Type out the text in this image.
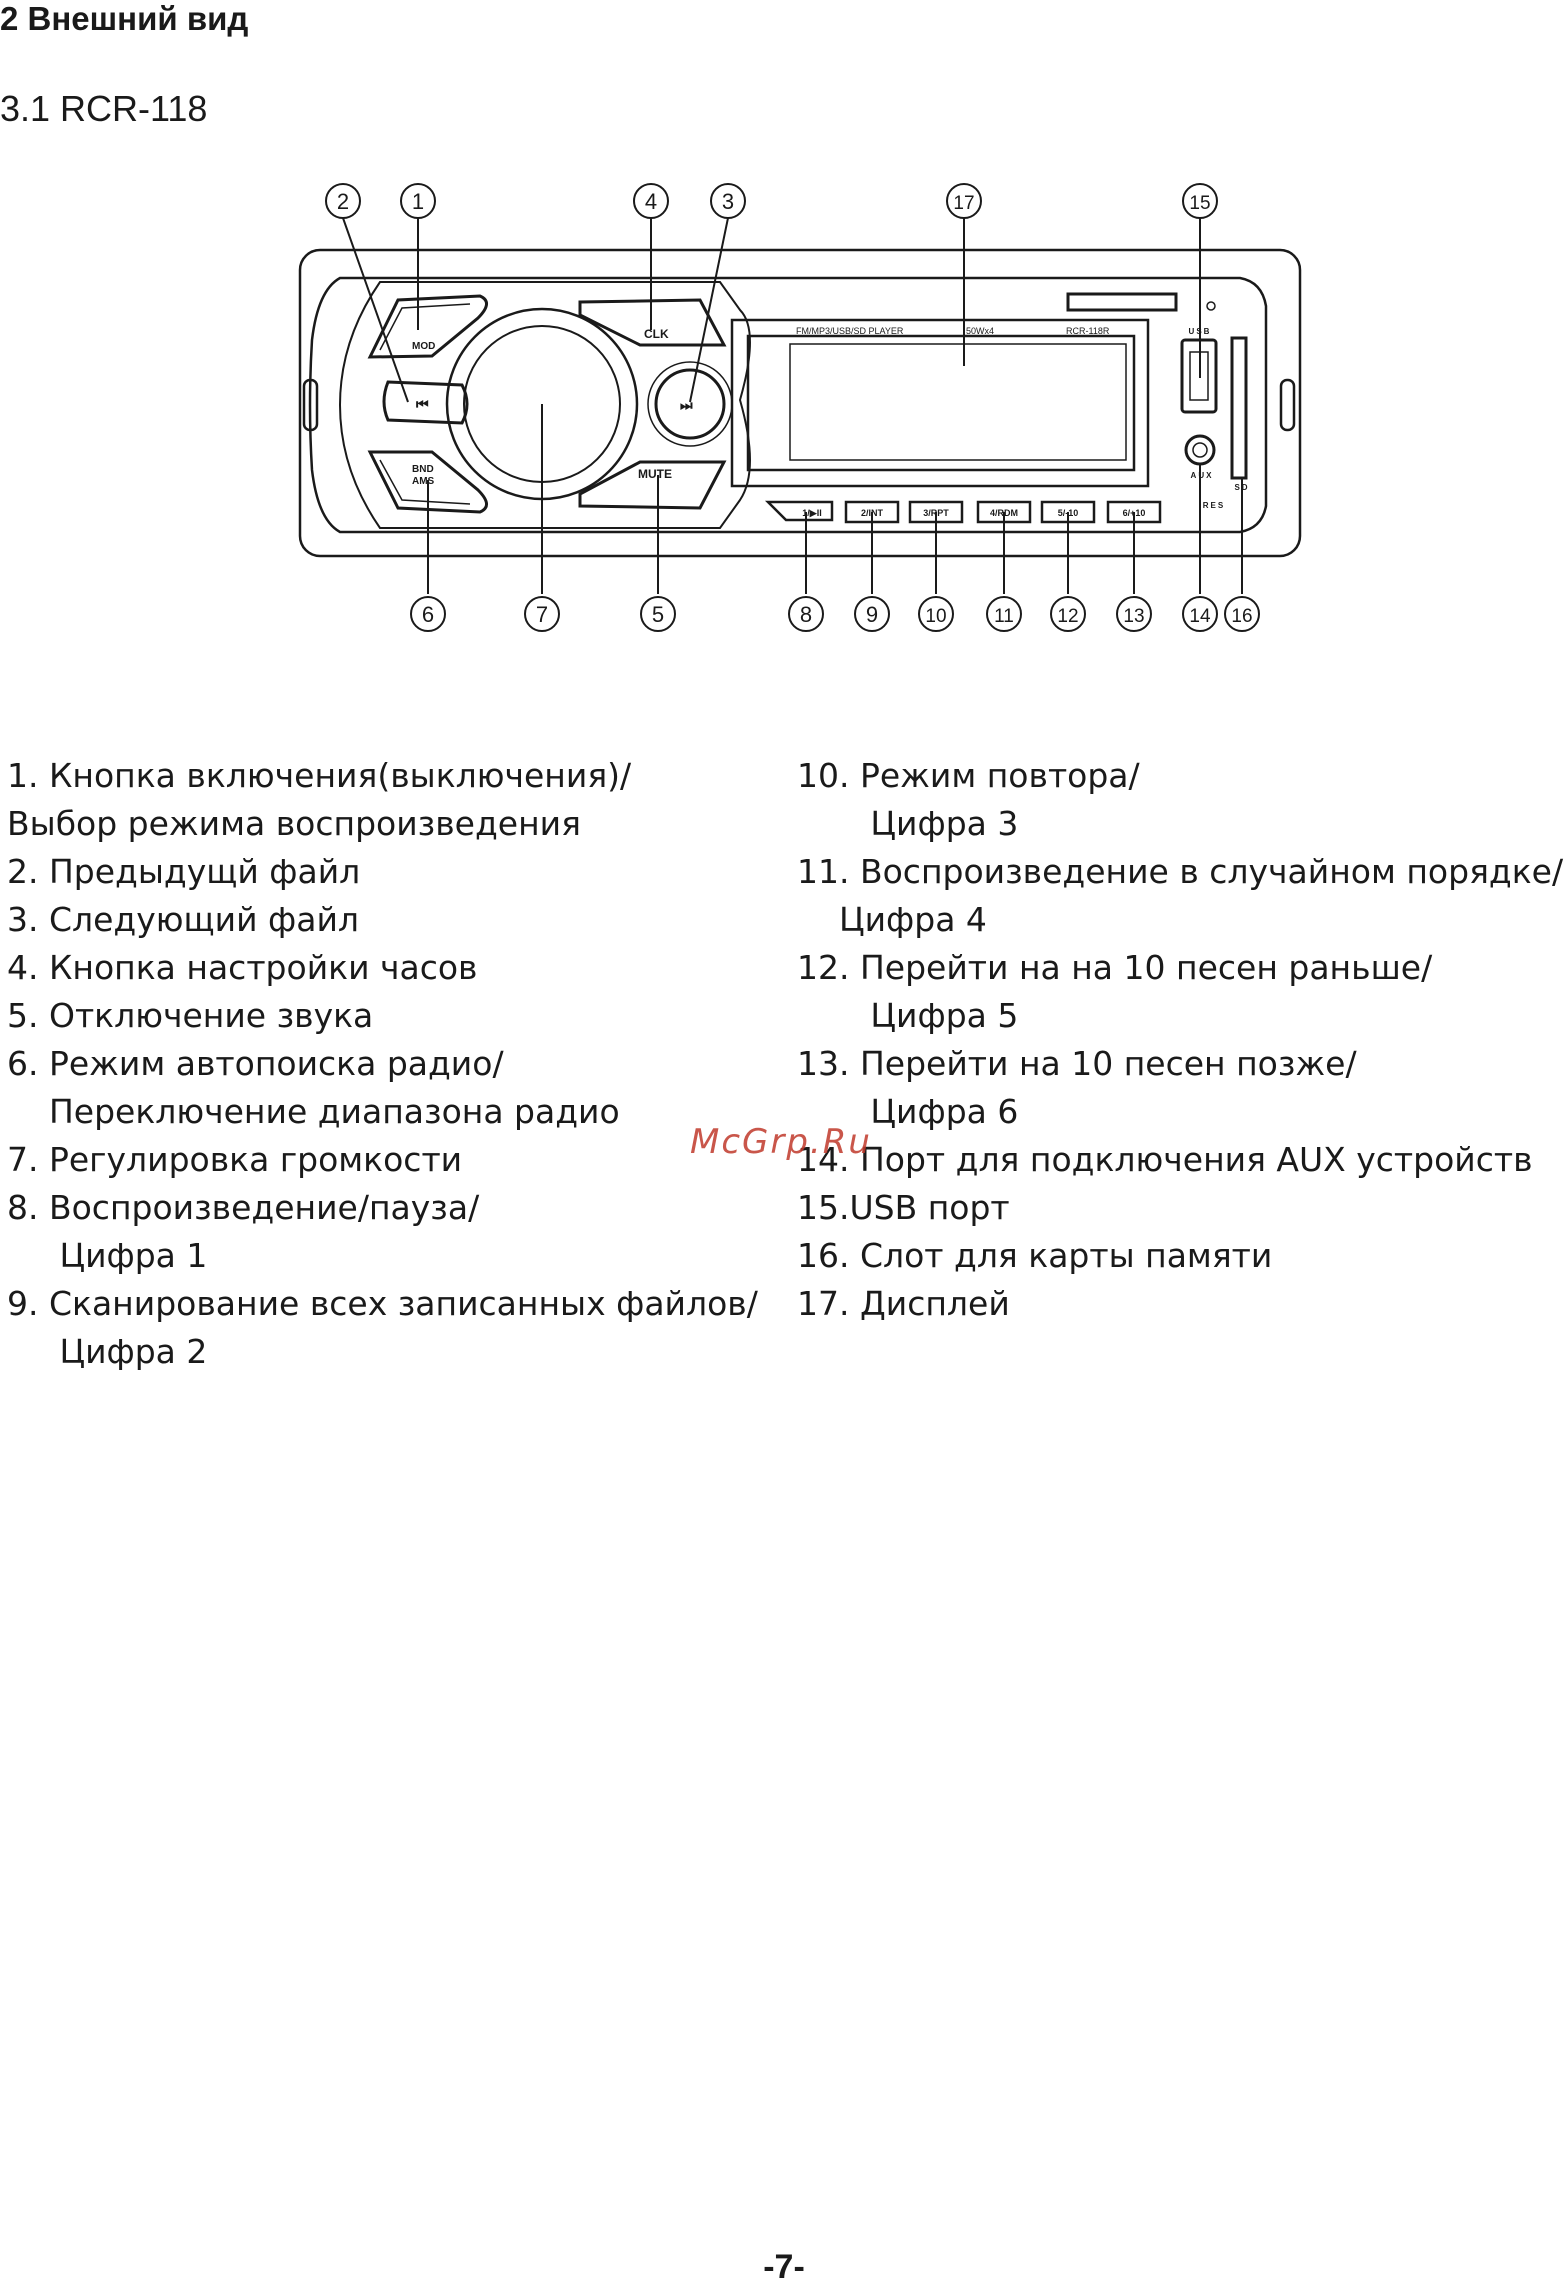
2 Внешний вид
3.1 RCR-118
2	1	4	3	17	15
6	7	5	8 9 10	11 12 13 14 16
MOD
⏮
BND
AMS
CLK
MUTE
⏭
FM/MP3/USB/SD PLAYER	50Wx4	RCR-118R
1/▶II	2/INT	3/RPT	4/RDM	5/-10	6/+10
USB
AUX
RES
SD
1. Кнопка включения(выключения)/
Выбор режима воспроизведения
2. Предыдущй файл
3. Следующий файл
4. Кнопка настройки часов
5. Отключение звука
6. Режим автопоиска радио/
Переключение диапазона радио
7. Регулировка громкости
8. Воспроизведение/пауза/
Цифра 1
9. Сканирование всех записанных файлов/
Цифра 2
10. Режим повтора/
Цифра 3
11. Воспроизведение в случайном порядке/
Цифра 4
12. Перейти на на 10 песен раньше/
Цифра 5
13. Перейти на 10 песен позже/
Цифра 6
14. Порт для подключения AUX устройств
15.USB порт
16. Слот для карты памяти
17. Дисплей
McGrp.Ru
-7-
